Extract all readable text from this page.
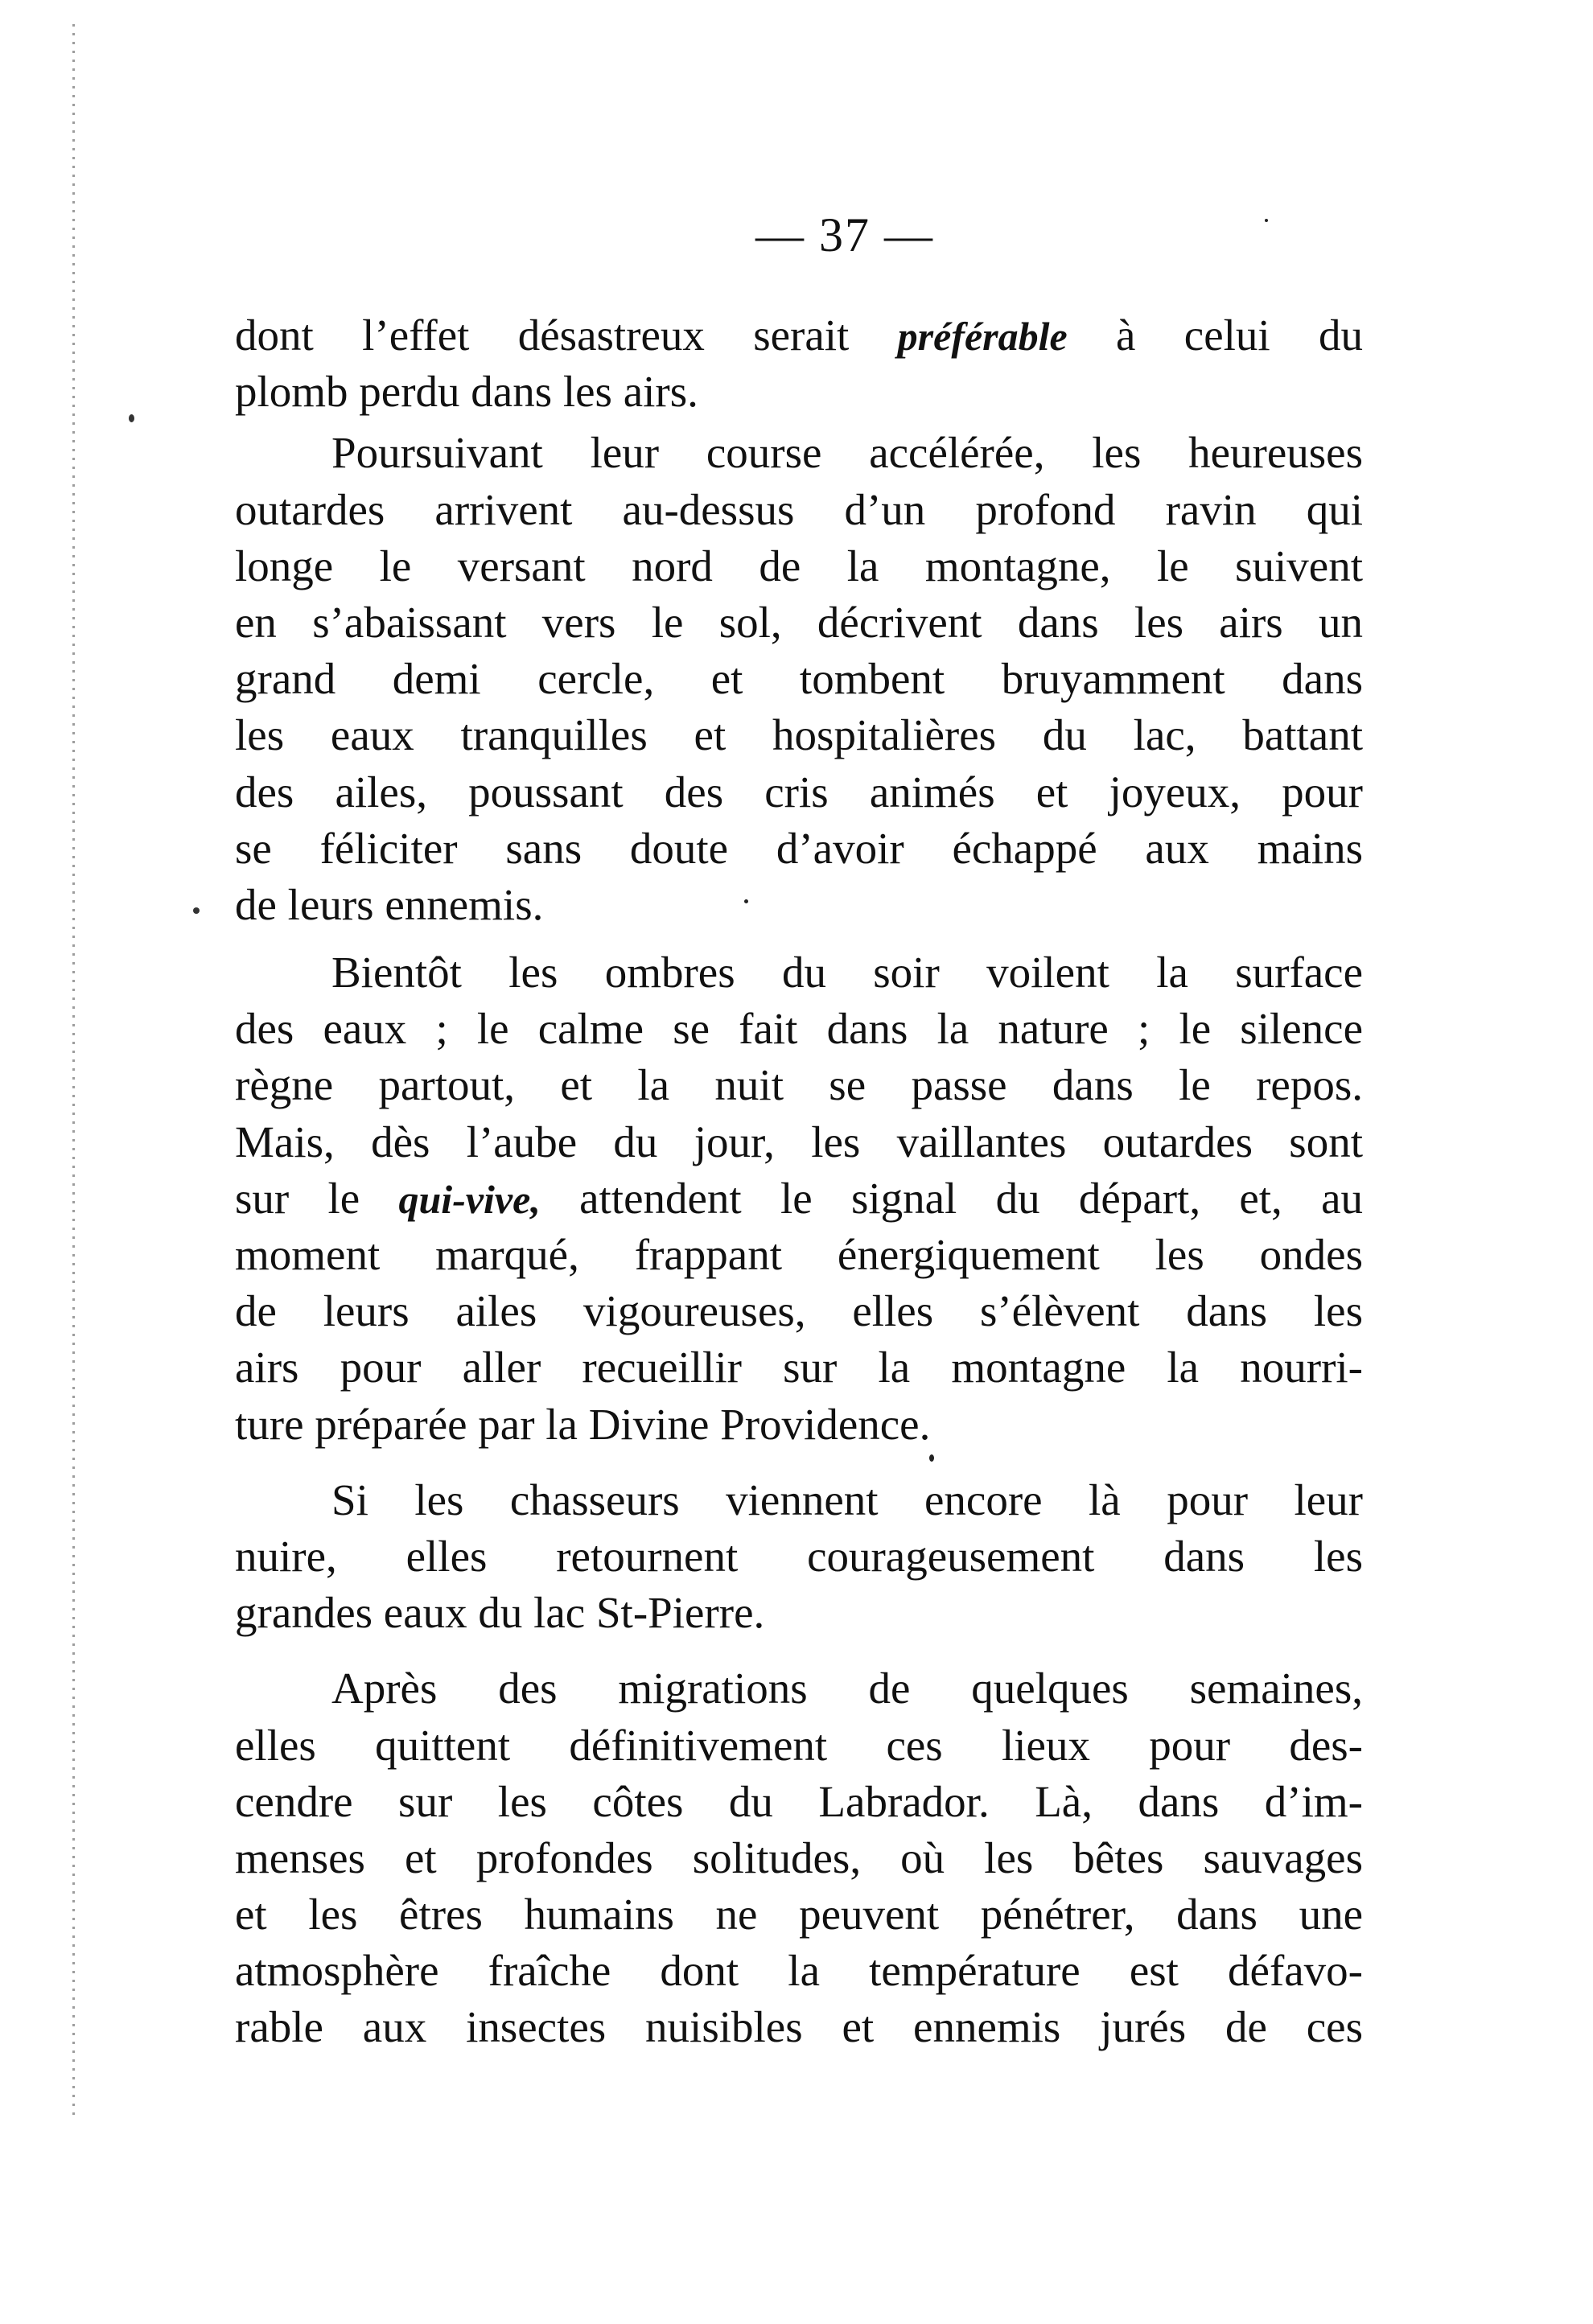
— 37 —
dont l’effet désastreux serait préférable à celui du
plomb perdu dans les airs.
Poursuivant leur course accélérée, les heureuses
outardes arrivent au-dessus d’un profond ravin qui
longe le versant nord de la montagne, le suivent
en s’abaissant vers le sol, décrivent dans les airs un
grand demi cercle, et tombent bruyamment dans
les eaux tranquilles et hospitalières du lac, battant
des ailes, poussant des cris animés et joyeux, pour
se féliciter sans doute d’avoir échappé aux mains
de leurs ennemis.
Bientôt les ombres du soir voilent la surface
des eaux ; le calme se fait dans la nature ; le silence
règne partout, et la nuit se passe dans le repos.
Mais, dès l’aube du jour, les vaillantes outardes sont
sur le qui-vive, attendent le signal du départ, et, au
moment marqué, frappant énergiquement les ondes
de leurs ailes vigoureuses, elles s’élèvent dans les
airs pour aller recueillir sur la montagne la nourri-
ture préparée par la Divine Providence.
Si les chasseurs viennent encore là pour leur
nuire, elles retournent courageusement dans les
grandes eaux du lac St-Pierre.
Après des migrations de quelques semaines,
elles quittent définitivement ces lieux pour des-
cendre sur les côtes du Labrador. Là, dans d’im-
menses et profondes solitudes, où les bêtes sauvages
et les êtres humains ne peuvent pénétrer, dans une
atmosphère fraîche dont la température est défavo-
rable aux insectes nuisibles et ennemis jurés de ces
